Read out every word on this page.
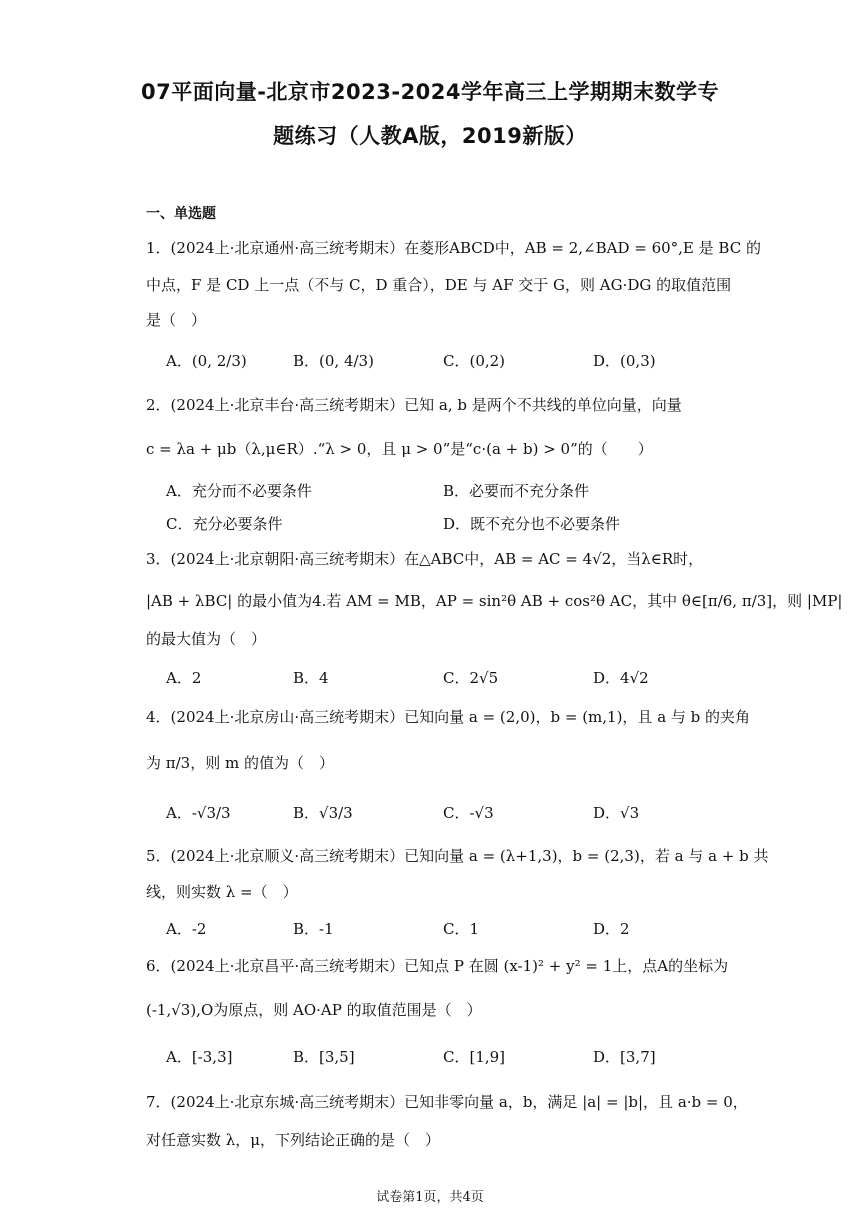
07平面向量-北京市2023-2024学年高三上学期期末数学专
题练习（人教A版，2019新版）
一、单选题
1．(2024上·北京通州·高三统考期末）在菱形ABCD中，AB = 2,∠BAD = 60°,E 是 BC 的
中点，F 是 CD 上一点（不与 C，D 重合），DE 与 AF 交于 G，则 AG·DG 的取值范围
是（　）
A．(0, 2/3)	B．(0, 4/3)	C．(0,2)	D．(0,3)
2．(2024上·北京丰台·高三统考期末）已知 a, b 是两个不共线的单位向量，向量
c = λa + μb（λ,μ∈R）.“λ > 0，且 μ > 0”是“c·(a + b) > 0”的（　　）
A．充分而不必要条件	B．必要而不充分条件
C．充分必要条件	D．既不充分也不必要条件
3．(2024上·北京朝阳·高三统考期末）在△ABC中，AB = AC = 4√2，当λ∈R时，
|AB + λBC| 的最小值为4.若 AM = MB，AP = sin²θ AB + cos²θ AC，其中 θ∈[π/6, π/3]，则 |MP|
的最大值为（　）
A．2	B．4	C．2√5	D．4√2
4．(2024上·北京房山·高三统考期末）已知向量 a = (2,0)，b = (m,1)，且 a 与 b 的夹角
为 π/3，则 m 的值为（　）
A．-√3/3	B．√3/3	C．-√3	D．√3
5．(2024上·北京顺义·高三统考期末）已知向量 a = (λ+1,3)，b = (2,3)，若 a 与 a + b 共
线，则实数 λ =（　）
A．-2	B．-1	C．1	D．2
6．(2024上·北京昌平·高三统考期末）已知点 P 在圆 (x-1)² + y² = 1上，点A的坐标为
(-1,√3),O为原点，则 AO·AP 的取值范围是（　）
A．[-3,3]	B．[3,5]	C．[1,9]	D．[3,7]
7．(2024上·北京东城·高三统考期末）已知非零向量 a，b，满足 |a| = |b|，且 a·b = 0，
对任意实数 λ，μ，下列结论正确的是（　）
试卷第1页，共4页
